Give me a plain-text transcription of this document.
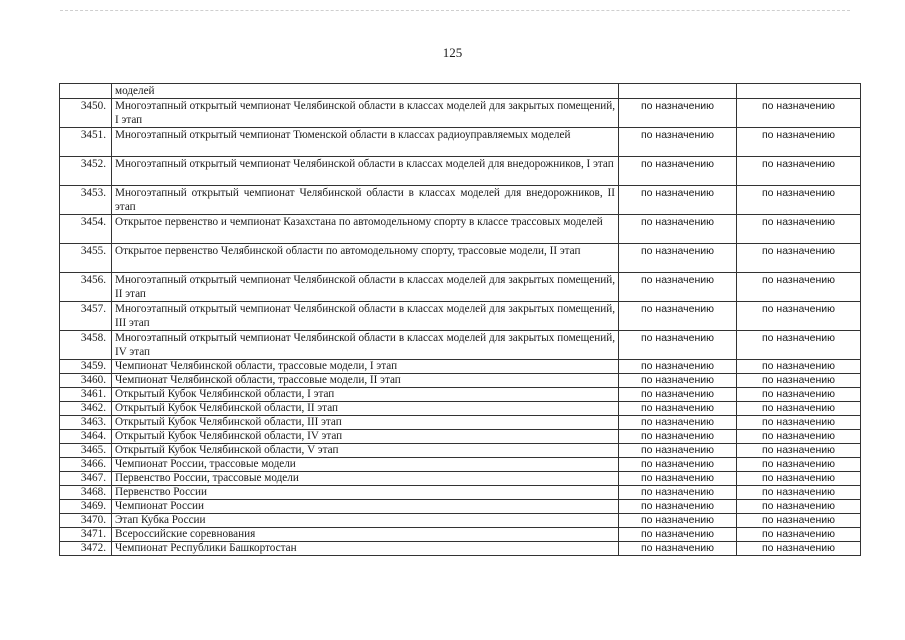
125
	моделей		
3450.	Многоэтапный открытый чемпионат Челябинской области в классах моделей для закрытых помещений, I этап	по назначению	по назначению
3451.	Многоэтапный открытый чемпионат Тюменской области в классах радиоуправляемых моделей	по назначению	по назначению
3452.	Многоэтапный открытый чемпионат Челябинской области в классах моделей для внедорожников, I этап	по назначению	по назначению
3453.	Многоэтапный открытый чемпионат Челябинской области в классах моделей для внедорожников, II этап	по назначению	по назначению
3454.	Открытое первенство и чемпионат Казахстана по автомодельному спорту в классе трассовых моделей	по назначению	по назначению
3455.	Открытое первенство Челябинской области по автомодельному спорту, трассовые модели, II этап	по назначению	по назначению
3456.	Многоэтапный открытый чемпионат Челябинской области в классах моделей для закрытых помещений, II этап	по назначению	по назначению
3457.	Многоэтапный открытый чемпионат Челябинской области в классах моделей для закрытых помещений, III этап	по назначению	по назначению
3458.	Многоэтапный открытый чемпионат Челябинской области в классах моделей для закрытых помещений, IV этап	по назначению	по назначению
3459.	Чемпионат Челябинской области, трассовые модели, I этап	по назначению	по назначению
3460.	Чемпионат Челябинской области, трассовые модели, II этап	по назначению	по назначению
3461.	Открытый Кубок Челябинской области, I этап	по назначению	по назначению
3462.	Открытый Кубок Челябинской области, II этап	по назначению	по назначению
3463.	Открытый Кубок Челябинской области, III этап	по назначению	по назначению
3464.	Открытый Кубок Челябинской области, IV этап	по назначению	по назначению
3465.	Открытый Кубок Челябинской области, V этап	по назначению	по назначению
3466.	Чемпионат России, трассовые модели	по назначению	по назначению
3467.	Первенство России, трассовые модели	по назначению	по назначению
3468.	Первенство России	по назначению	по назначению
3469.	Чемпионат России	по назначению	по назначению
3470.	Этап Кубка России	по назначению	по назначению
3471.	Всероссийские соревнования	по назначению	по назначению
3472.	Чемпионат Республики Башкортостан	по назначению	по назначению
